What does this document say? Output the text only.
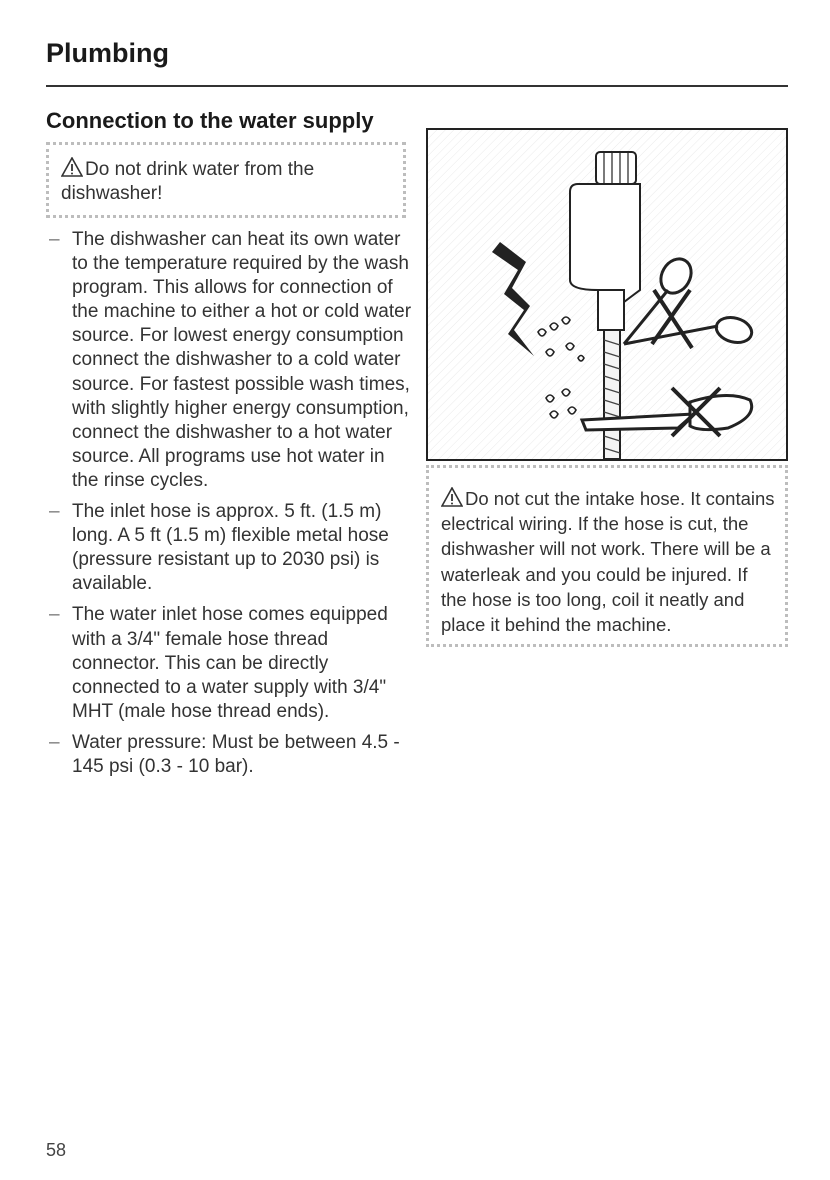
Plumbing
Connection to the water supply
Do not drink water from the dishwasher!
– The dishwasher can heat its own water to the temperature required by the wash program. This allows for connection of the machine to either a hot or cold water source. For lowest energy consumption connect the dishwasher to a cold water source. For fastest possible wash times, with slightly higher energy consumption, connect the dishwasher to a hot water source. All programs use hot water in the rinse cycles.
– The inlet hose is approx. 5 ft. (1.5 m) long. A 5 ft (1.5 m) flexible metal hose (pressure resistant up to 2030 psi) is available.
– The water inlet hose comes equipped with a 3/4" female hose thread connector. This can be directly connected to a water supply with 3/4" MHT (male hose thread ends).
– Water pressure: Must be between 4.5 - 145 psi (0.3 - 10 bar).
Do not cut the intake hose. It contains electrical wiring. If the hose is cut, the dishwasher will not work. There will be a waterleak and you could be injured. If the hose is too long, coil it neatly and place it behind the machine.
58
